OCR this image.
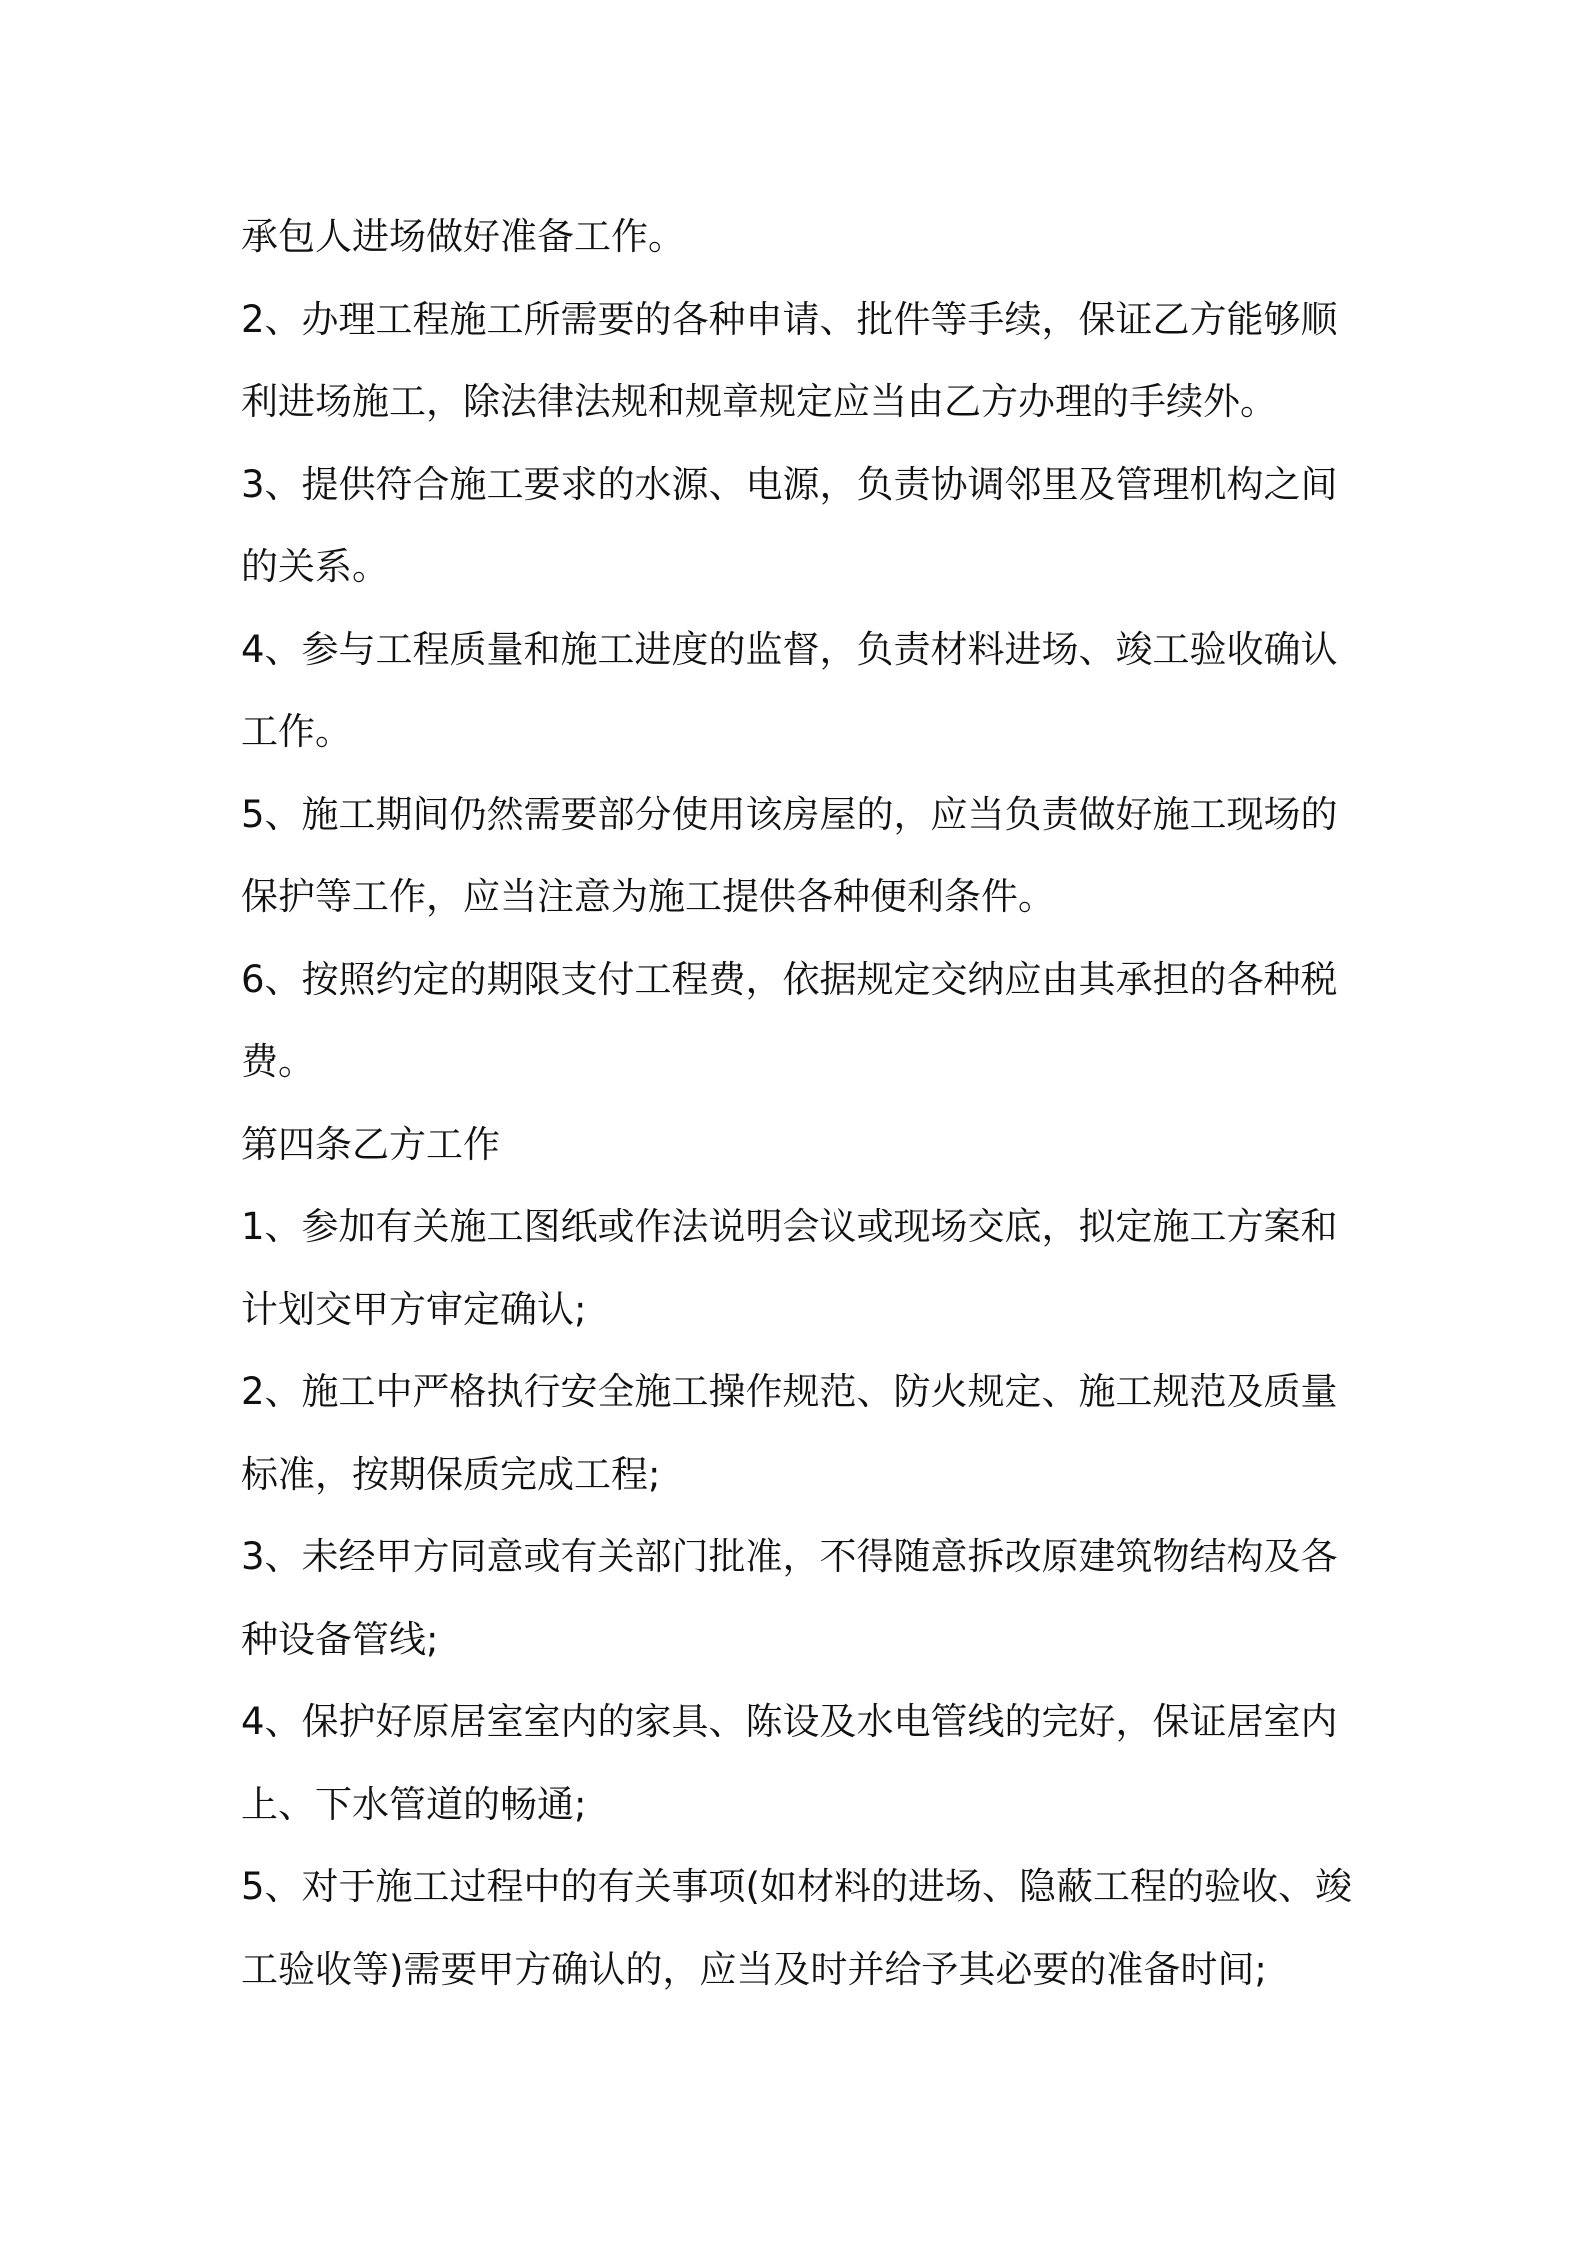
承包人进场做好准备工作。

2、办理工程施工所需要的各种申请、批件等手续，保证乙方能够顺

利进场施工，除法律法规和规章规定应当由乙方办理的手续外。

3、提供符合施工要求的水源、电源，负责协调邻里及管理机构之间

的关系。

4、参与工程质量和施工进度的监督，负责材料进场、竣工验收确认

工作。

5、施工期间仍然需要部分使用该房屋的，应当负责做好施工现场的

保护等工作，应当注意为施工提供各种便利条件。

6、按照约定的期限支付工程费，依据规定交纳应由其承担的各种税

费。

第四条乙方工作

1、参加有关施工图纸或作法说明会议或现场交底，拟定施工方案和

计划交甲方审定确认;

2、施工中严格执行安全施工操作规范、防火规定、施工规范及质量

标准，按期保质完成工程;

3、未经甲方同意或有关部门批准，不得随意拆改原建筑物结构及各

种设备管线;

4、保护好原居室室内的家具、陈设及水电管线的完好，保证居室内

上、下水管道的畅通;

5、对于施工过程中的有关事项(如材料的进场、隐蔽工程的验收、竣

工验收等)需要甲方确认的，应当及时并给予其必要的准备时间;
